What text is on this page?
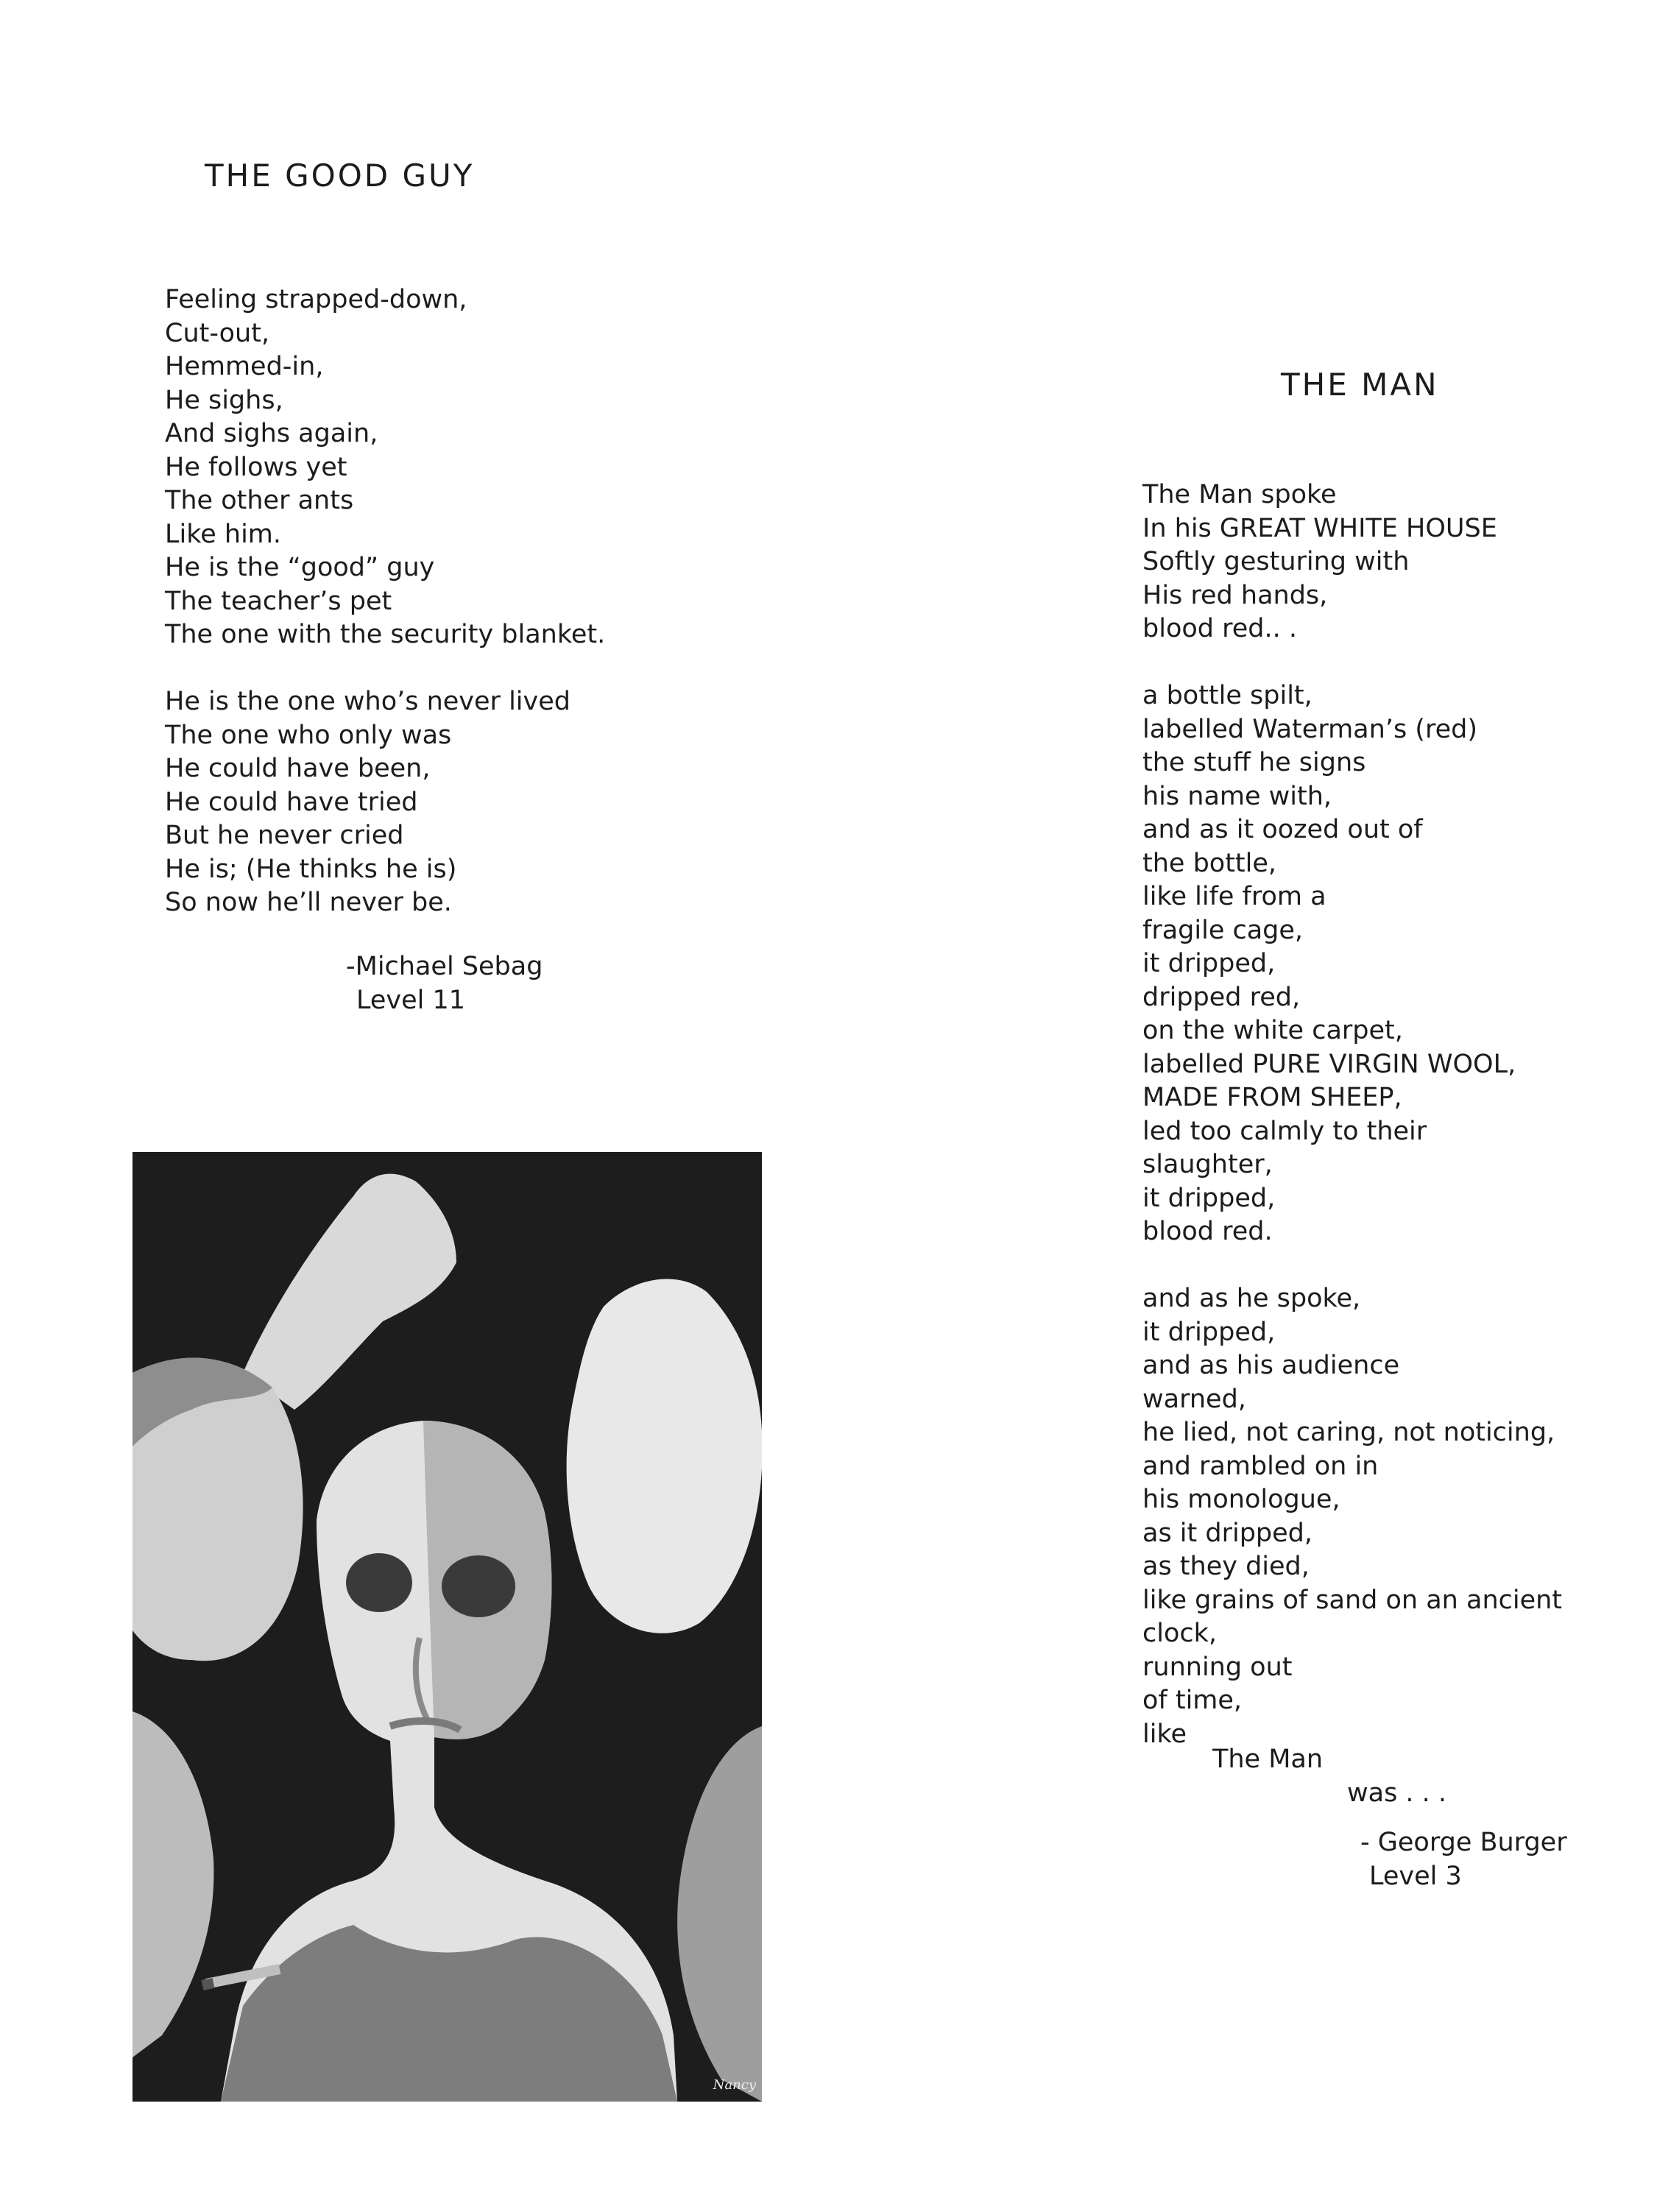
THE GOOD GUY
Feeling strapped-down,
Cut-out,
Hemmed-in,
He sighs,
And sighs again,
He follows yet
The other ants
Like him.
He is the “good” guy
The teacher’s pet
The one with the security blanket.
He is the one who’s never lived
The one who only was
He could have been,
He could have tried
But he never cried
He is; (He thinks he is)
So now he’ll never be.
-Michael Sebag
Level 11
Nancy
THE MAN
The Man spoke
In his GREAT WHITE HOUSE
Softly gesturing with
His red hands,
blood red.. .
a bottle spilt,
labelled Waterman’s (red)
the stuff he signs
his name with,
and as it oozed out of
the bottle,
like life from a
fragile cage,
it dripped,
dripped red,
on the white carpet,
labelled PURE VIRGIN WOOL,
MADE FROM SHEEP,
led too calmly to their
slaughter,
it dripped,
blood red.
and as he spoke,
it dripped,
and as his audience
warned,
he lied, not caring, not noticing,
and rambled on in
his monologue,
as it dripped,
as they died,
like grains of sand on an ancient
clock,
running out
of time,
like
The Man
was . . .
- George Burger
Level 3
